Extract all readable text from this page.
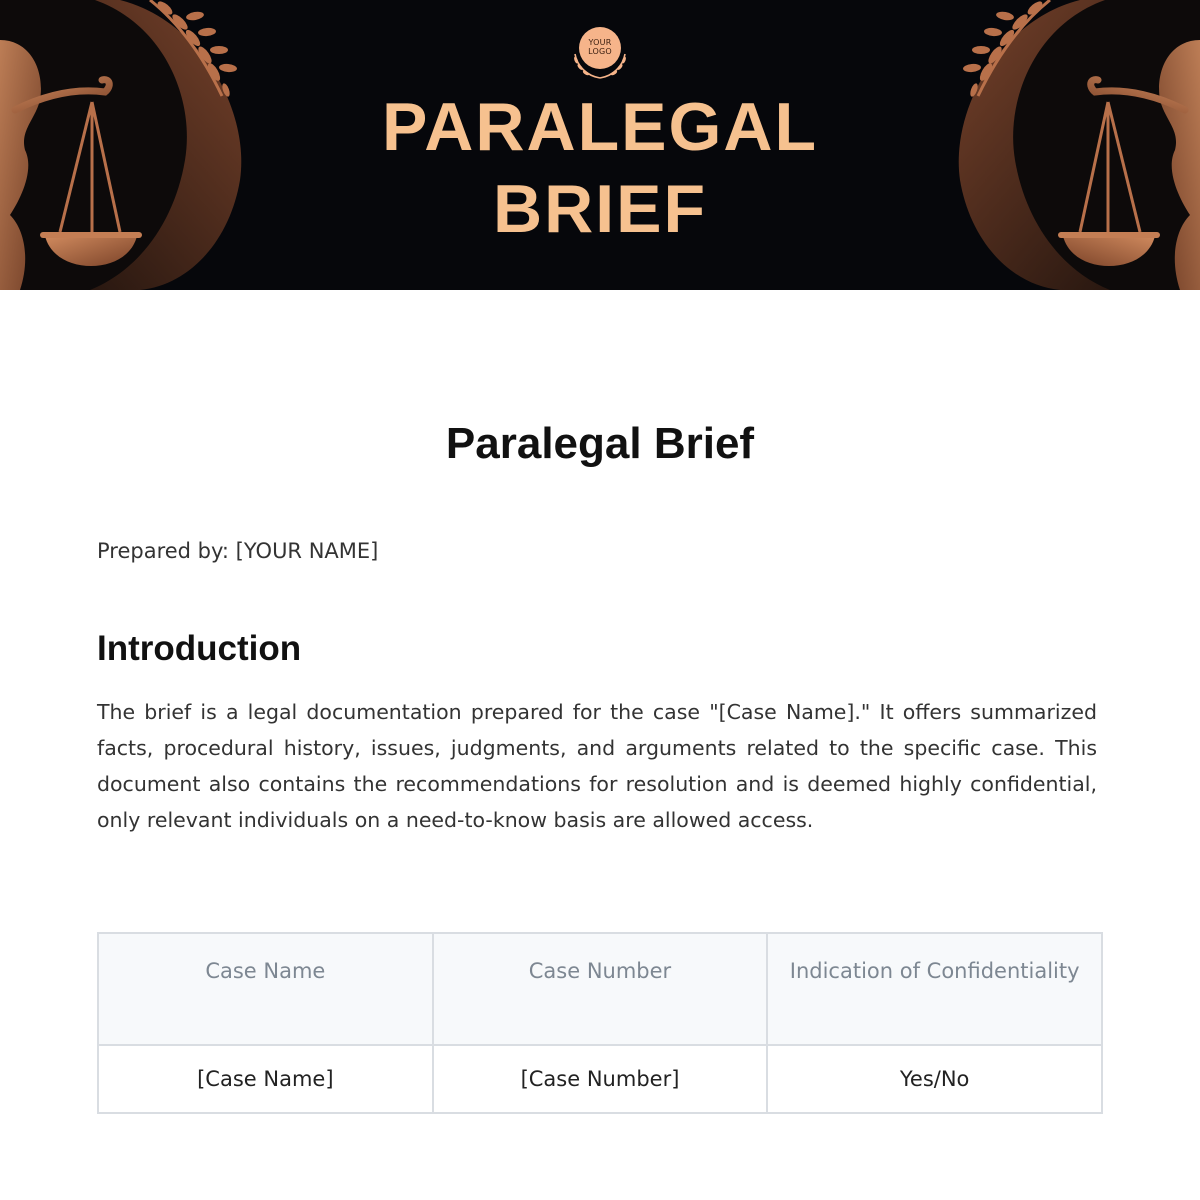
YOUR LOGO
PARALEGAL
BRIEF
Paralegal Brief
Prepared by: [YOUR NAME]
Introduction

The brief is a legal documentation prepared for the case "[Case Name]." It offers summarized facts, procedural history, issues, judgments, and arguments related to the specific case. This document also contains the recommendations for resolution and is deemed highly confidential, only relevant individuals on a need-to-know basis are allowed access.

Case Name	Case Number	Indication of Confidentiality

[Case Name]	[Case Number]	Yes/No
